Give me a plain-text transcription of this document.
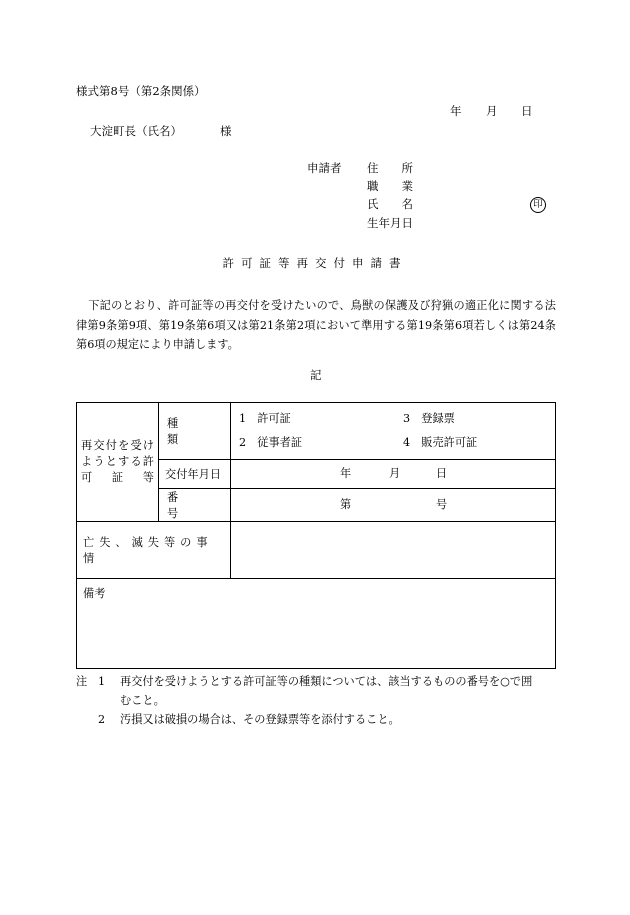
様式第8号（第2条関係）
年 月 日
大淀町長（氏名）	様
申請者 住　　所
職　　業
氏　　名
生年月日
印
許可証等再交付申請書
下記のとおり、許可証等の再交付を受けたいので、鳥獣の保護及び狩猟の適正化に関する法律第9条第9項、第19条第6項又は第21条第2項において準用する第19条第6項若しくは第24条第6項の規定により申請します。
記
再交付を受けようとする許可証等	種類	1　許可証 3　登録票
2　従事者証 4　販売許可証

	交付年月日	年 月 日

	番号	第 号

亡失、滅失等の事情		

備考		
注 1	再交付を受けようとする許可証等の種類については、該当するものの番号を○で囲
むこと。
2	汚損又は破損の場合は、その登録票等を添付すること。
